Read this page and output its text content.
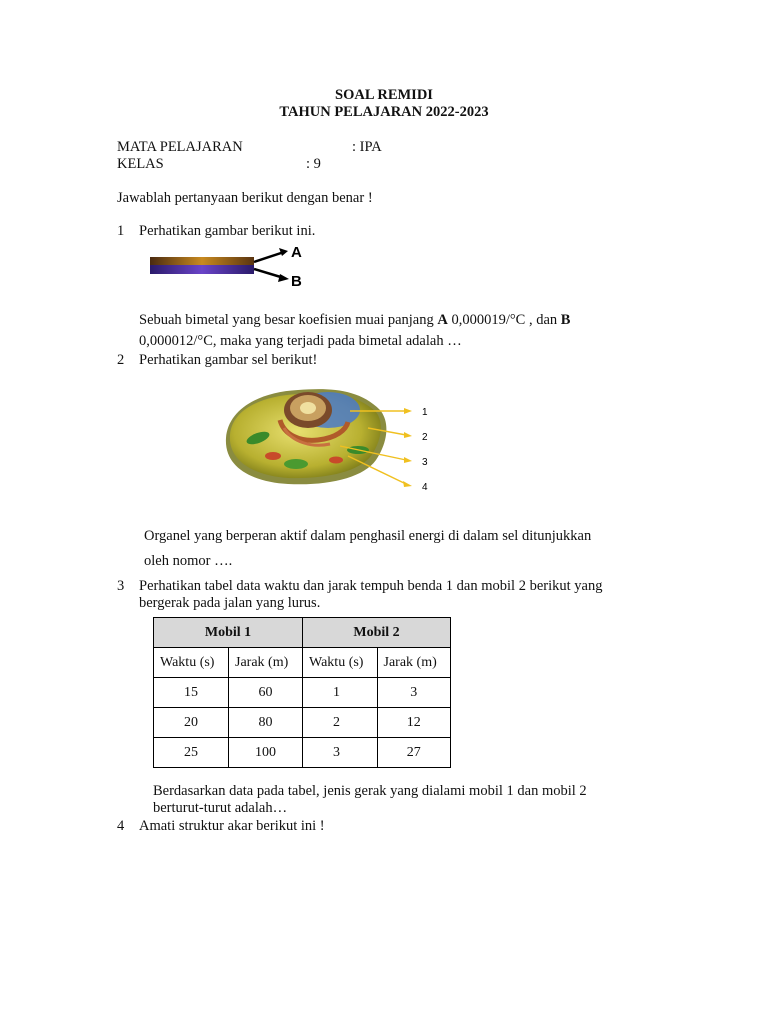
SOAL REMIDI
TAHUN PELAJARAN 2022-2023
MATA PELAJARAN	: IPA
KELAS	: 9
Jawablah pertanyaan berikut dengan benar !
1 Perhatikan gambar berikut ini.
A
B
Sebuah bimetal yang besar koefisien muai panjang A 0,000019/°C , dan B
0,000012/°C, maka yang terjadi pada bimetal adalah …
2 Perhatikan gambar sel berikut!
1
2
3
4
Organel yang berperan aktif dalam penghasil energi di dalam sel ditunjukkan
oleh nomor ….
3 Perhatikan tabel data waktu dan jarak tempuh benda 1 dan mobil 2 berikut yang
bergerak pada jalan yang lurus.
Mobil 1		Mobil 2	
Waktu (s)	Jarak (m)	Waktu (s)	Jarak (m)
15	60	1	3
20	80	2	12
25	100	3	27
Berdasarkan data pada tabel, jenis gerak yang dialami mobil 1 dan mobil 2
berturut-turut adalah…
4 Amati struktur akar berikut ini !
